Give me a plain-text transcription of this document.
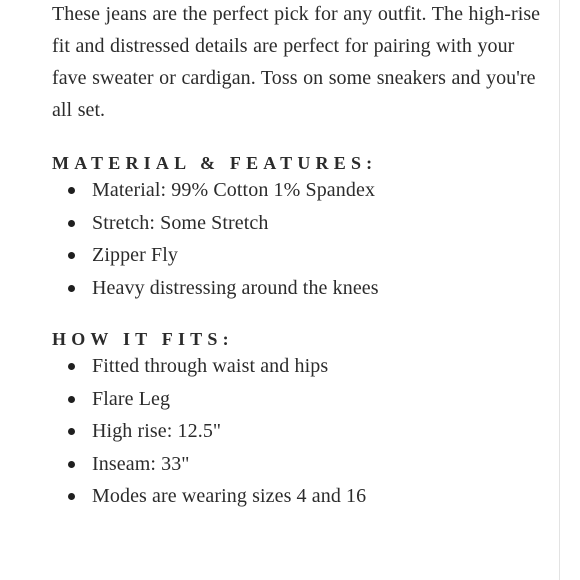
These jeans are the perfect pick for any outfit. The high-rise fit and distressed details are perfect for pairing with your fave sweater or cardigan. Toss on some sneakers and you're all set.

MATERIAL & FEATURES:
Material: 99% Cotton 1% Spandex
Stretch: Some Stretch
Zipper Fly
Heavy distressing around the knees
HOW IT FITS:
Fitted through waist and hips
Flare Leg
High rise: 12.5"
Inseam: 33"
Modes are wearing sizes 4 and 16
